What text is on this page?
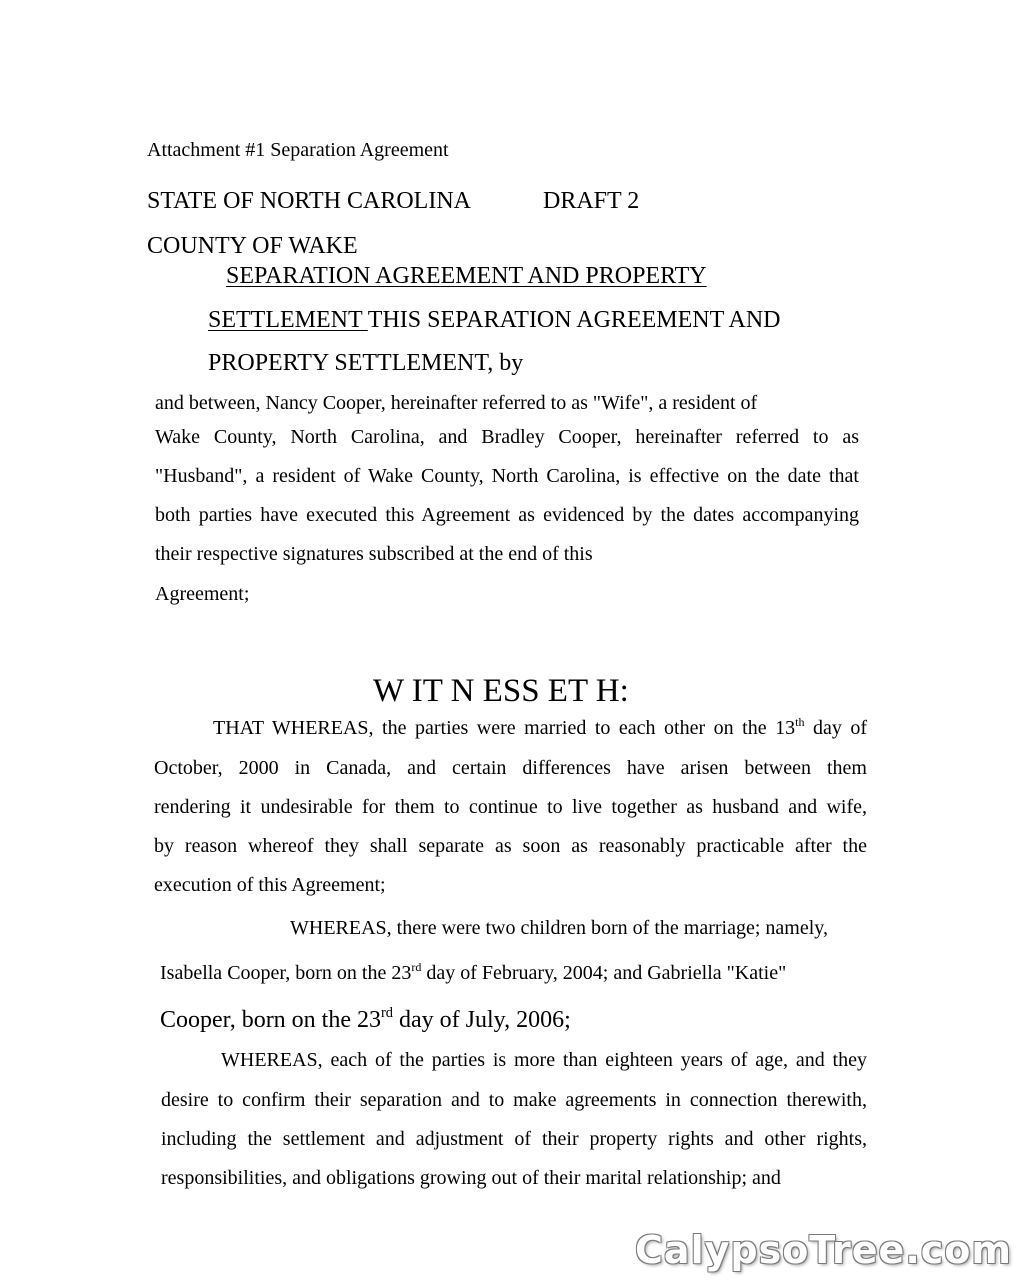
Attachment #1 Separation Agreement
STATE OF NORTH CAROLINA	DRAFT 2
COUNTY OF WAKE
SEPARATION AGREEMENT AND PROPERTY
SETTLEMENT THIS SEPARATION AGREEMENT AND
PROPERTY SETTLEMENT, by
and between, Nancy Cooper, hereinafter referred to as "Wife", a resident of
Wake County, North Carolina, and Bradley Cooper, hereinafter referred to as
"Husband", a resident of Wake County, North Carolina, is effective on the date that
both parties have executed this Agreement as evidenced by the dates accompanying
their respective signatures subscribed at the end of this
Agreement;
W IT N ESS ET H:
THAT WHEREAS, the parties were married to each other on the 13th day of
October, 2000 in Canada, and certain differences have arisen between them
rendering it undesirable for them to continue to live together as husband and wife,
by reason whereof they shall separate as soon as reasonably practicable after the
execution of this Agreement;
WHEREAS, there were two children born of the marriage; namely,
Isabella Cooper, born on the 23rd day of February, 2004; and Gabriella "Katie"
Cooper, born on the 23rd day of July, 2006;
WHEREAS, each of the parties is more than eighteen years of age, and they
desire to confirm their separation and to make agreements in connection therewith,
including the settlement and adjustment of their property rights and other rights,
responsibilities, and obligations growing out of their marital relationship; and
CalypsoTree.com
